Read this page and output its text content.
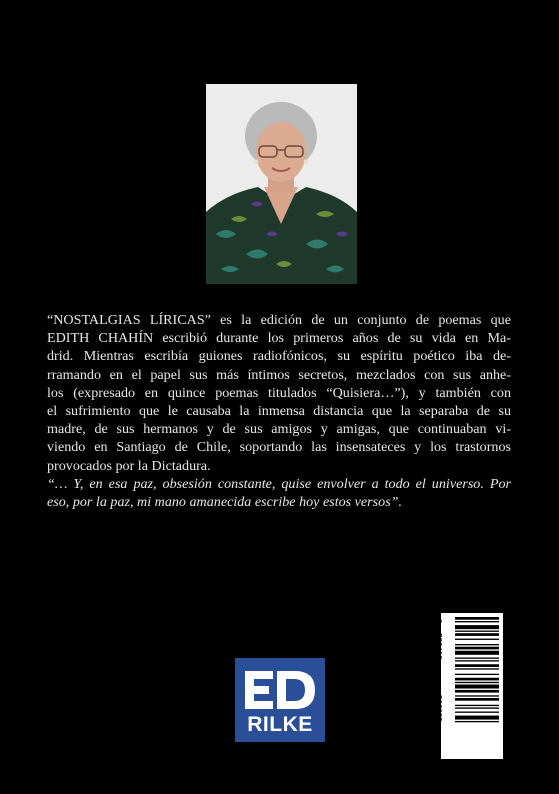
“NOSTALGIAS LÍRICAS” es la edición de un conjunto de poemas que
EDITH CHAHÍN escribió durante los primeros años de su vida en Ma-
drid. Mientras escribía guiones radiofónicos, su espíritu poético iba de-
rramando en el papel sus más íntimos secretos, mezclados con sus anhe-
los (expresado en quince poemas titulados “Quisiera…”), y también con
el sufrimiento que le causaba la inmensa distancia que la separaba de su
madre, de sus hermanos y de sus amigos y amigas, que continuaban vi-
viendo en Santiago de Chile, soportando las insensateces y los trastornos
provocados por la Dictadura.

“… Y, en esa paz, obsesión constante, quise envolver a todo el universo. Por
eso, por la paz, mi mano amanecida escribe hoy estos versos”.

RILKE
9
788418
566035
